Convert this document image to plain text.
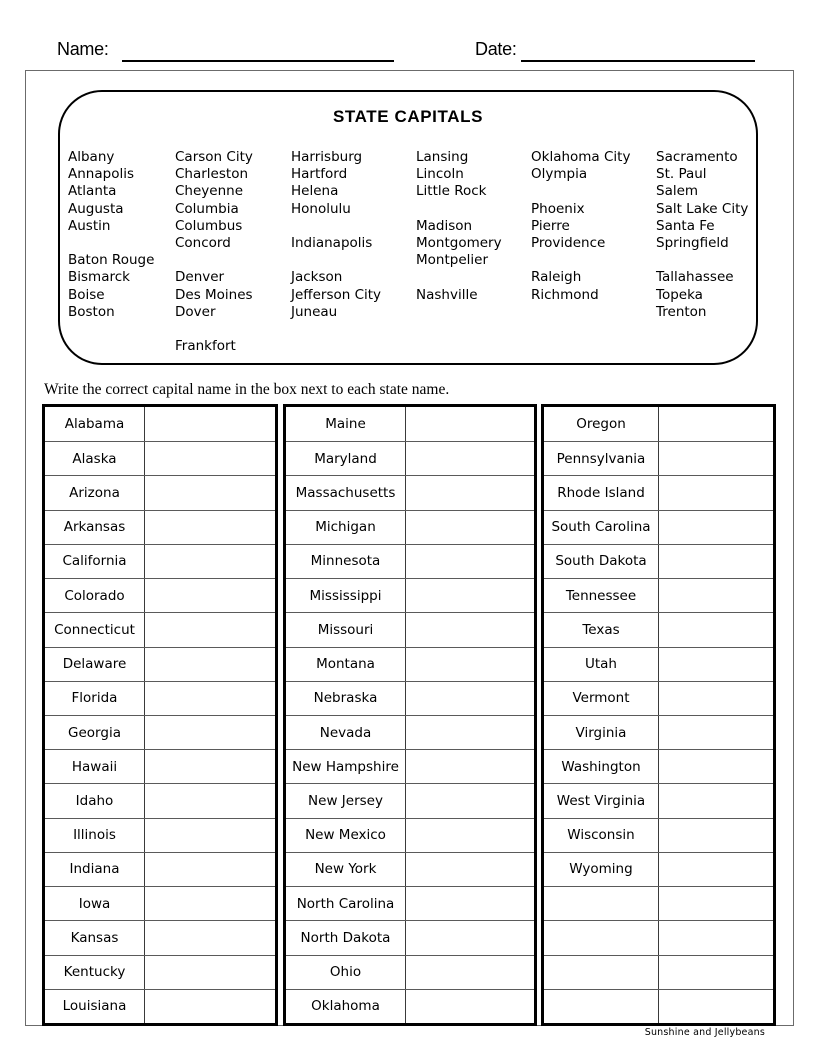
Name:	Date:
STATE CAPITALS
Albany
Annapolis
Atlanta
Augusta
Austin
Baton Rouge
Bismarck
Boise
Boston
Carson City
Charleston
Cheyenne
Columbia
Columbus
Concord
Denver
Des Moines
Dover
Frankfort
Harrisburg
Hartford
Helena
Honolulu
Indianapolis
Jackson
Jefferson City
Juneau
Lansing
Lincoln
Little Rock
Madison
Montgomery
Montpelier
Nashville
Oklahoma City
Olympia
Phoenix
Pierre
Providence
Raleigh
Richmond
Sacramento
St. Paul
Salem
Salt Lake City
Santa Fe
Springfield
Tallahassee
Topeka
Trenton
Write the correct capital name in the box next to each state name.
Alabama
Alaska
Arizona
Arkansas
California
Colorado
Connecticut
Delaware
Florida
Georgia
Hawaii
Idaho
Illinois
Indiana
Iowa
Kansas
Kentucky
Louisiana
Maine
Maryland
Massachusetts
Michigan
Minnesota
Mississippi
Missouri
Montana
Nebraska
Nevada
New Hampshire
New Jersey
New Mexico
New York
North Carolina
North Dakota
Ohio
Oklahoma
Oregon
Pennsylvania
Rhode Island
South Carolina
South Dakota
Tennessee
Texas
Utah
Vermont
Virginia
Washington
West Virginia
Wisconsin
Wyoming
Sunshine and Jellybeans
